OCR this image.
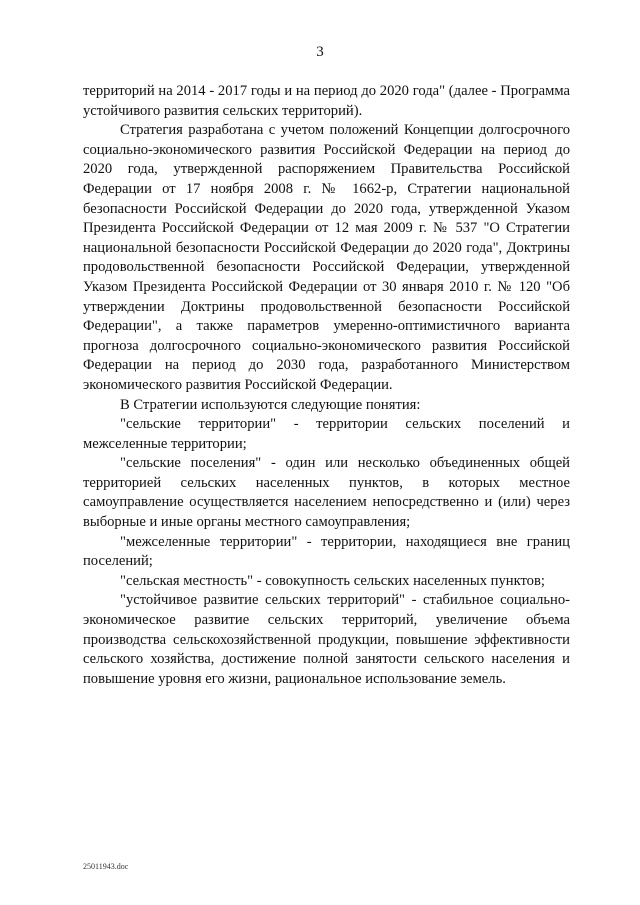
3

территорий на 2014 - 2017 годы и на период до 2020 года" (далее - Программа устойчивого развития сельских территорий).

Стратегия разработана с учетом положений Концепции долгосрочного социально-экономического развития Российской Федерации на период до 2020 года, утвержденной распоряжением Правительства Российской Федерации от 17 ноября 2008 г. № 1662-р, Стратегии национальной безопасности Российской Федерации до 2020 года, утвержденной Указом Президента Российской Федерации от 12 мая 2009 г. № 537 "О Стратегии национальной безопасности Российской Федерации до 2020 года", Доктрины продовольственной безопасности Российской Федерации, утвержденной Указом Президента Российской Федерации от 30 января 2010 г. № 120 "Об утверждении Доктрины продовольственной безопасности Российской Федерации", а также параметров умеренно-оптимистичного варианта прогноза долгосрочного социально-экономического развития Российской Федерации на период до 2030 года, разработанного Министерством экономического развития Российской Федерации.

В Стратегии используются следующие понятия:

"сельские территории" - территории сельских поселений и межселенные территории;

"сельские поселения" - один или несколько объединенных общей территорией сельских населенных пунктов, в которых местное самоуправление осуществляется населением непосредственно и (или) через выборные и иные органы местного самоуправления;

"межселенные территории" - территории, находящиеся вне границ поселений;

"сельская местность" - совокупность сельских населенных пунктов;

"устойчивое развитие сельских территорий" - стабильное социально-экономическое развитие сельских территорий, увеличение объема производства сельскохозяйственной продукции, повышение эффективности сельского хозяйства, достижение полной занятости сельского населения и повышение уровня его жизни, рациональное использование земель.

25011943.doc
